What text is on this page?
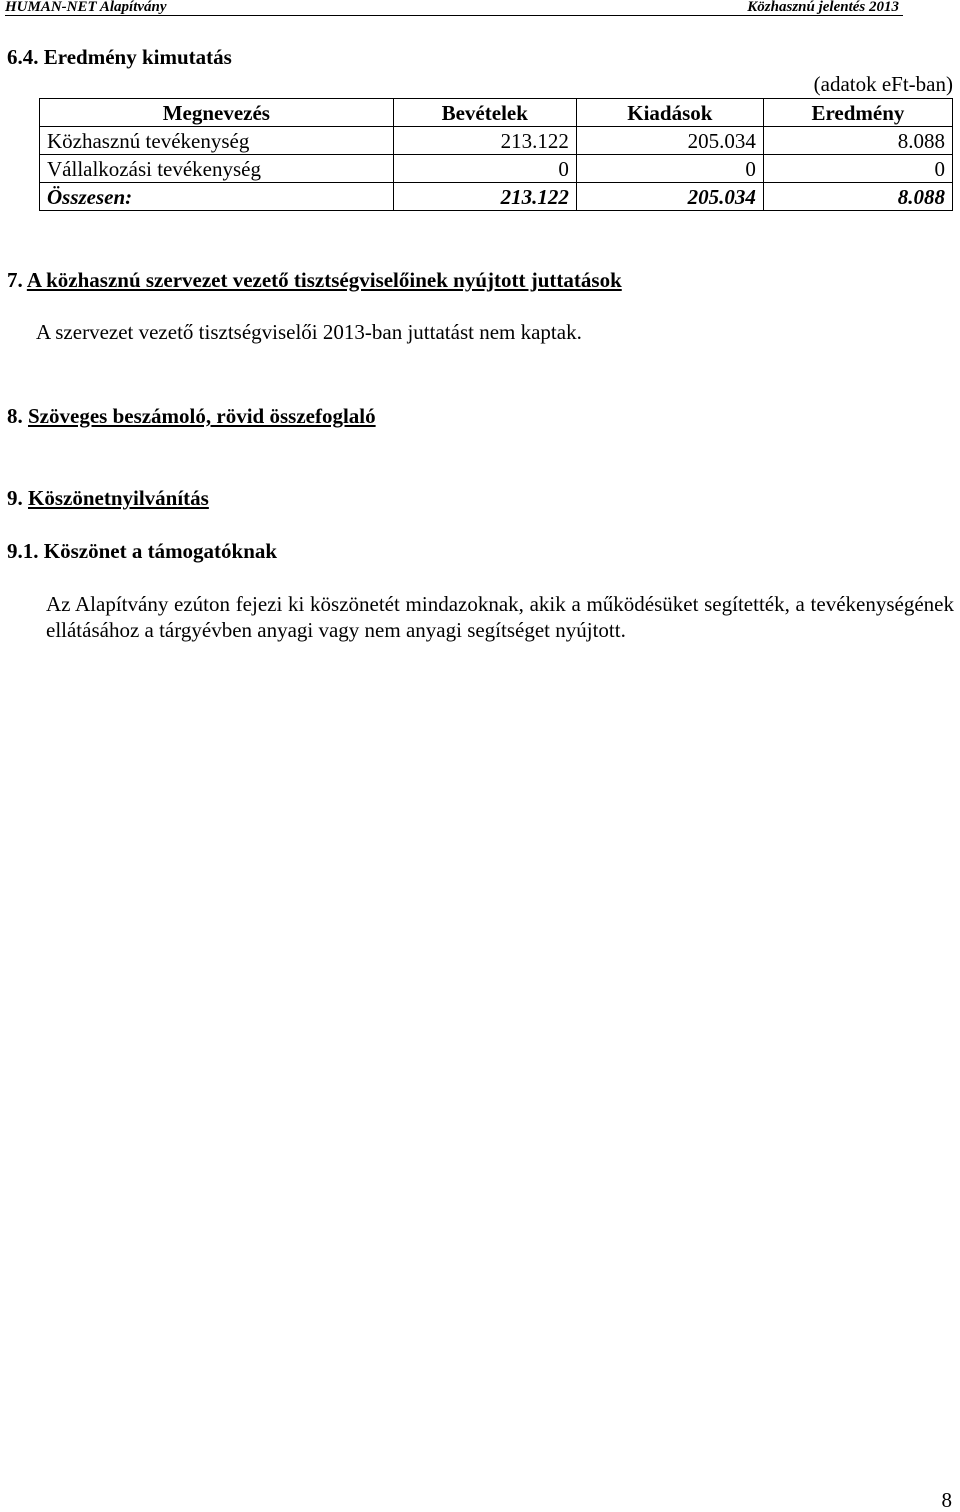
HUMAN-NET Alapítvány	Közhasznú jelentés 2013
6.4. Eredmény kimutatás
(adatok eFt-ban)
Megnevezés	Bevételek	Kiadások	Eredmény
Közhasznú tevékenység	213.122	205.034	8.088
Vállalkozási tevékenység	0	0	0
Összesen:	213.122	205.034	8.088
7. A közhasznú szervezet vezető tisztségviselőinek nyújtott juttatások
A szervezet vezető tisztségviselői 2013-ban juttatást nem kaptak.
8. Szöveges beszámoló, rövid összefoglaló
9. Köszönetnyilvánítás
9.1. Köszönet a támogatóknak
Az Alapítvány ezúton fejezi ki köszönetét mindazoknak, akik a működésüket segítették, a tevékenységének ellátásához a tárgyévben anyagi vagy nem anyagi segítséget nyújtott.
8
